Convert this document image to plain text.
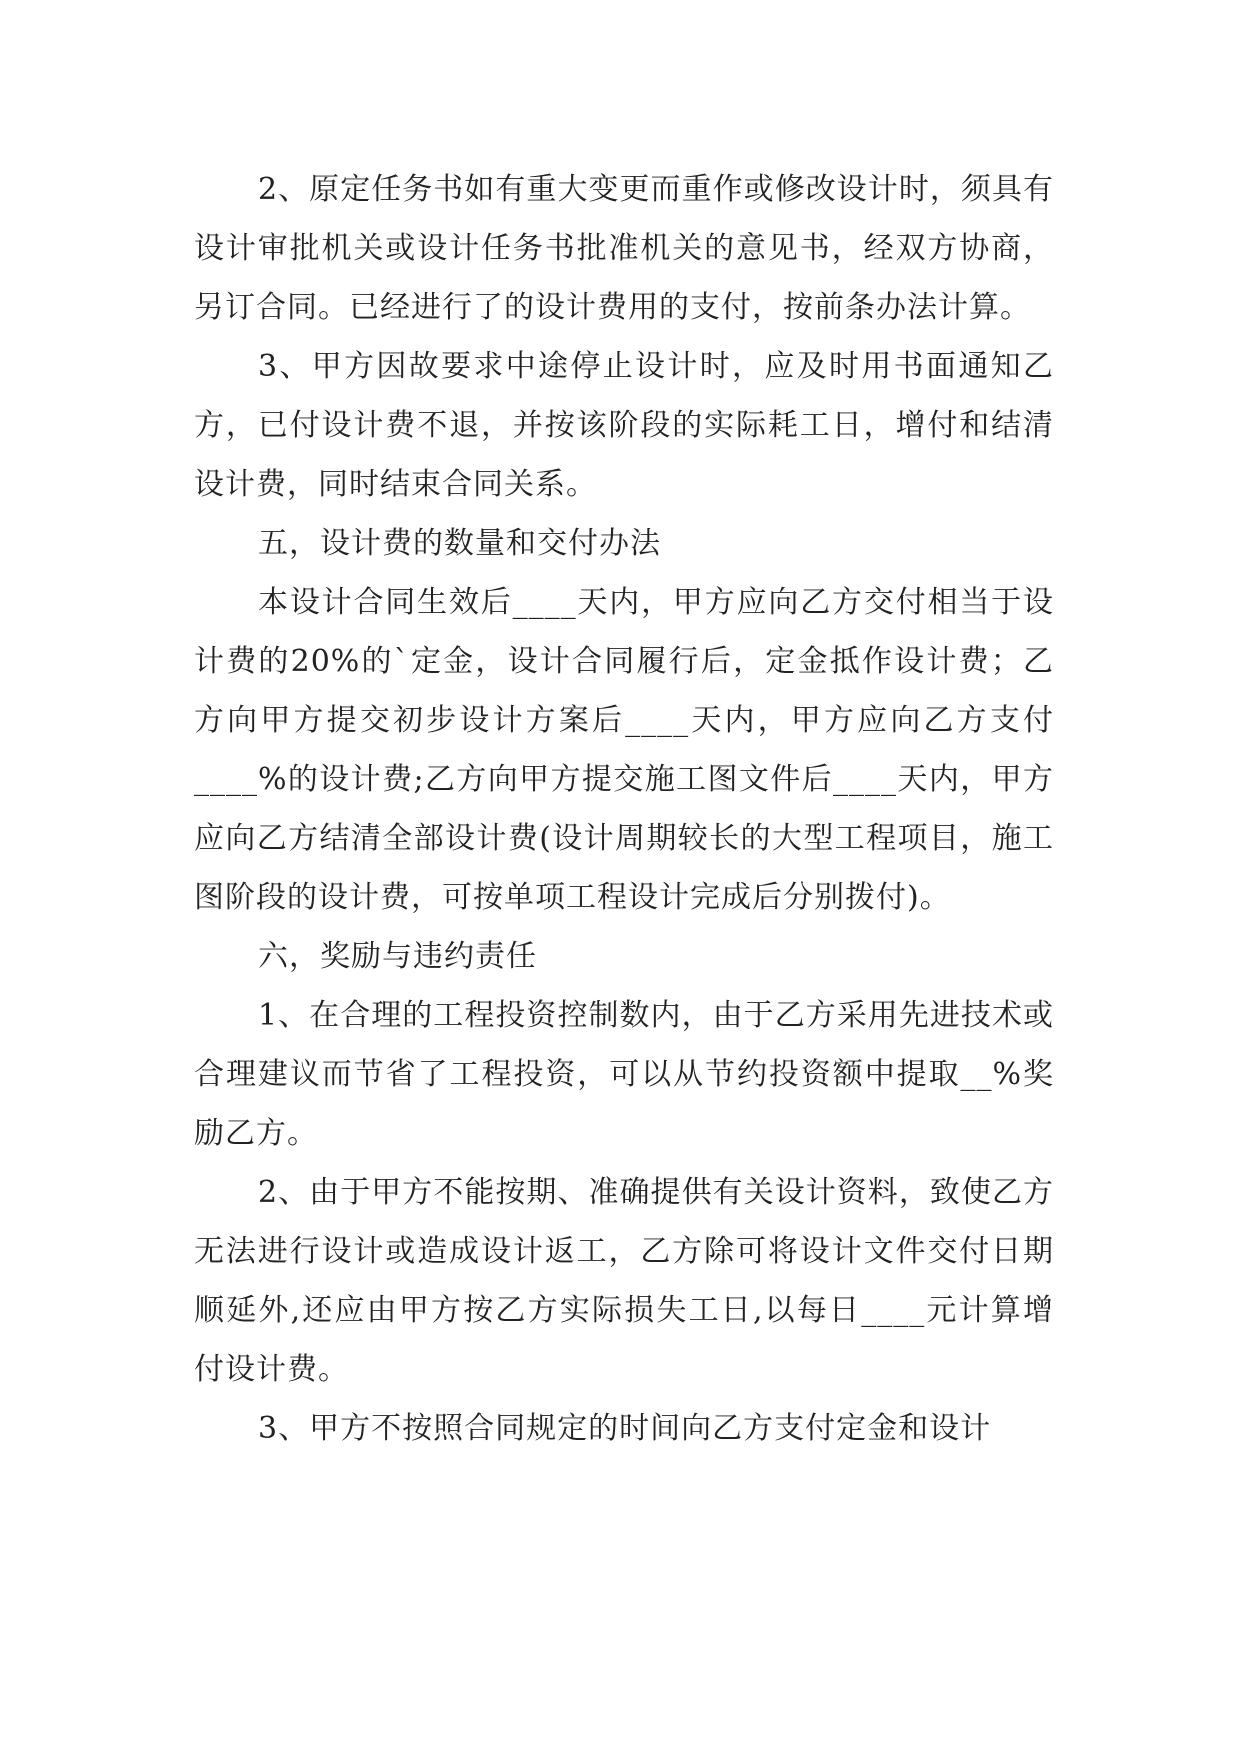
2、原定任务书如有重大变更而重作或修改设计时，须具有设计审批机关或设计任务书批准机关的意见书，经双方协商，另订合同。已经进行了的设计费用的支付，按前条办法计算。

3、甲方因故要求中途停止设计时，应及时用书面通知乙方，已付设计费不退，并按该阶段的实际耗工日，增付和结清设计费，同时结束合同关系。

五，设计费的数量和交付办法

本设计合同生效后____天内，甲方应向乙方交付相当于设计费的20%的`定金，设计合同履行后，定金抵作设计费；乙方向甲方提交初步设计方案后____天内，甲方应向乙方支付____%的设计费;乙方向甲方提交施工图文件后____天内，甲方应向乙方结清全部设计费(设计周期较长的大型工程项目，施工图阶段的设计费，可按单项工程设计完成后分别拨付)。

六，奖励与违约责任

1、在合理的工程投资控制数内，由于乙方采用先进技术或合理建议而节省了工程投资，可以从节约投资额中提取__%奖励乙方。

2、由于甲方不能按期、准确提供有关设计资料，致使乙方无法进行设计或造成设计返工，乙方除可将设计文件交付日期顺延外,还应由甲方按乙方实际损失工日,以每日____元计算增付设计费。

3、甲方不按照合同规定的时间向乙方支付定金和设计
